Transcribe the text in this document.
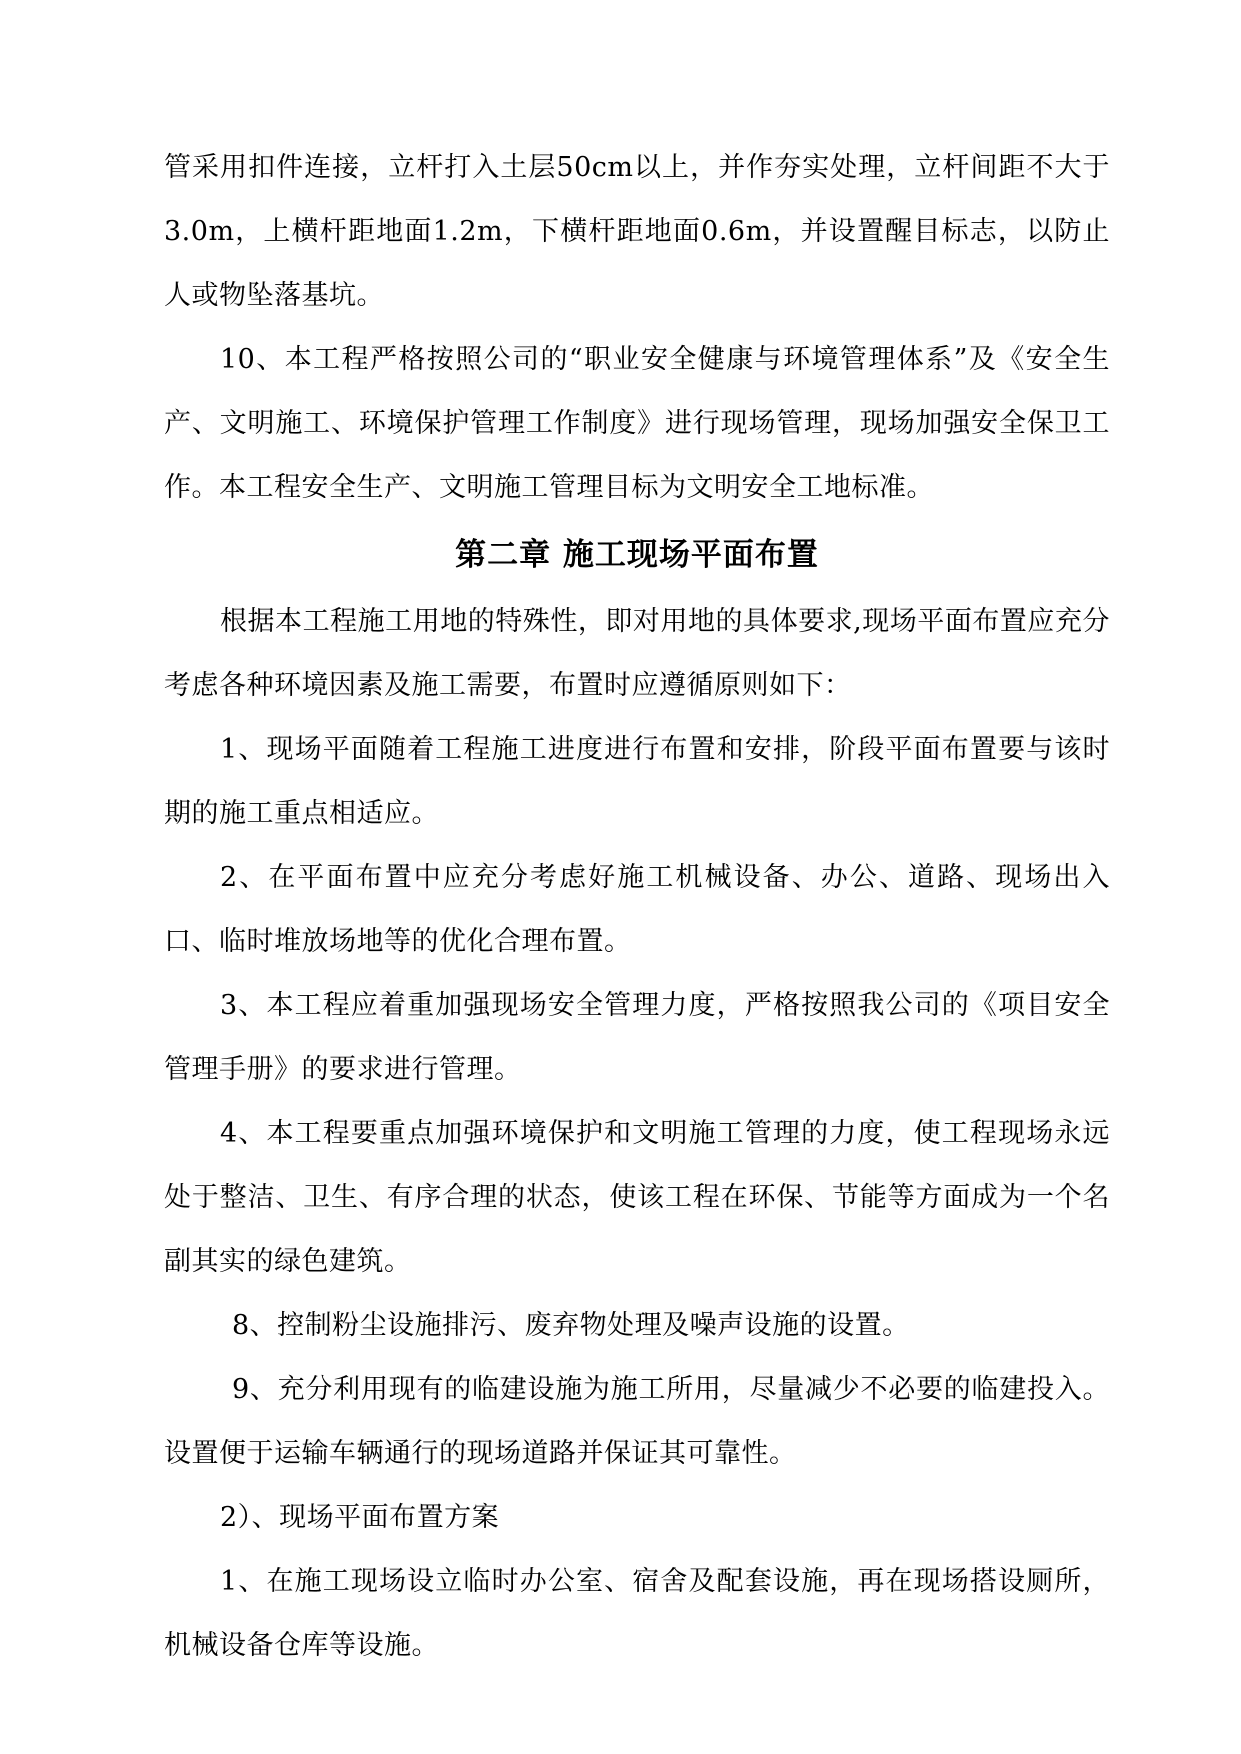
管采用扣件连接，立杆打入土层50cm以上，并作夯实处理，立杆间距不大于3.0m，上横杆距地面1.2m，下横杆距地面0.6m，并设置醒目标志，以防止人或物坠落基坑。

10、本工程严格按照公司的“职业安全健康与环境管理体系”及《安全生产、文明施工、环境保护管理工作制度》进行现场管理，现场加强安全保卫工作。本工程安全生产、文明施工管理目标为文明安全工地标准。

第二章 施工现场平面布置

根据本工程施工用地的特殊性，即对用地的具体要求,现场平面布置应充分考虑各种环境因素及施工需要，布置时应遵循原则如下：

1、现场平面随着工程施工进度进行布置和安排，阶段平面布置要与该时期的施工重点相适应。

2、在平面布置中应充分考虑好施工机械设备、办公、道路、现场出入口、临时堆放场地等的优化合理布置。

3、本工程应着重加强现场安全管理力度，严格按照我公司的《项目安全管理手册》的要求进行管理。

4、本工程要重点加强环境保护和文明施工管理的力度，使工程现场永远处于整洁、卫生、有序合理的状态，使该工程在环保、节能等方面成为一个名副其实的绿色建筑。

8、控制粉尘设施排污、废弃物处理及噪声设施的设置。

9、充分利用现有的临建设施为施工所用，尽量减少不必要的临建投入。设置便于运输车辆通行的现场道路并保证其可靠性。

2）、现场平面布置方案

1、在施工现场设立临时办公室、宿舍及配套设施，再在现场搭设厕所，机械设备仓库等设施。
